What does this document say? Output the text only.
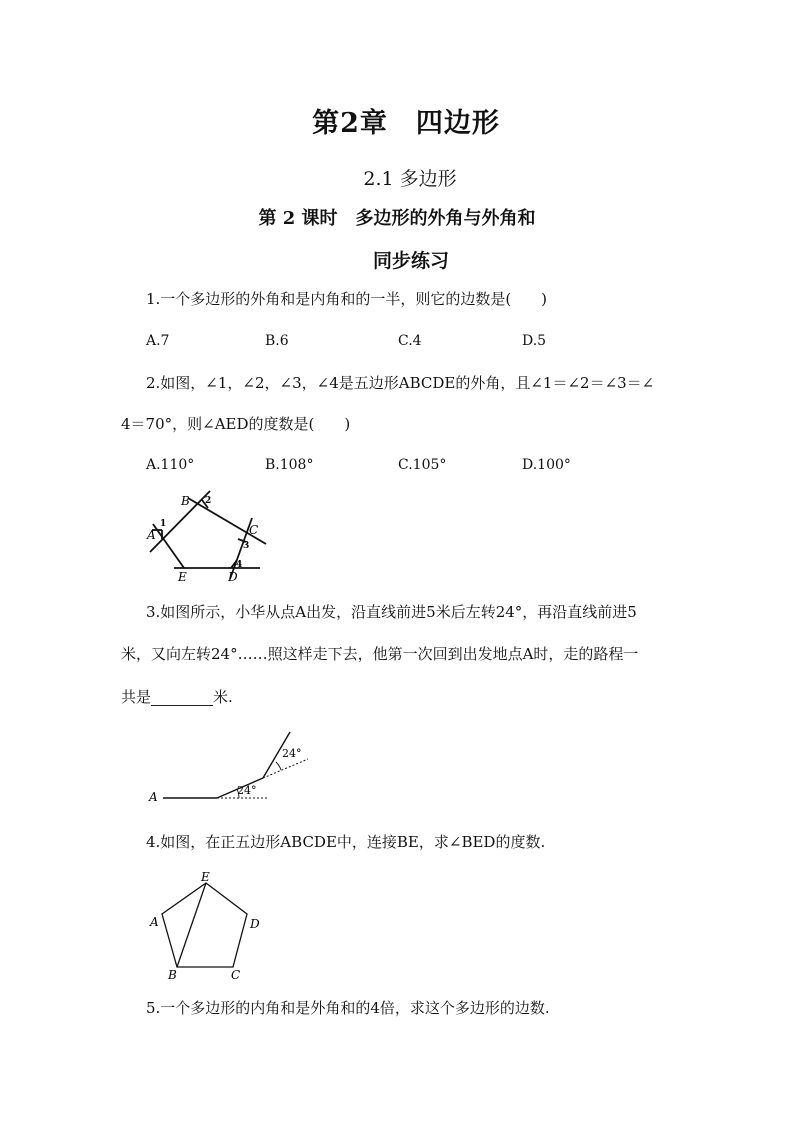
第2章　四边形
2.1 多边形
第 2 课时　多边形的外角与外角和
同步练习
1.一个多边形的外角和是内角和的一半，则它的边数是(　　)
A.7	B.6	C.4	D.5
2.如图，∠1，∠2，∠3，∠4是五边形ABCDE的外角，且∠1＝∠2＝∠3＝∠
4＝70°，则∠AED的度数是(　　)
A.110°	B.108°	C.105°	D.100°
A
B
C
D
E
1
2
3
4
3.如图所示，小华从点A出发，沿直线前进5米后左转24°，再沿直线前进5
米，又向左转24°……照这样走下去，他第一次回到出发地点A时，走的路程一
共是	米.
A	24°
24°
4.如图，在正五边形ABCDE中，连接BE，求∠BED的度数.
A
B	C
D
E
5.一个多边形的内角和是外角和的4倍，求这个多边形的边数.
